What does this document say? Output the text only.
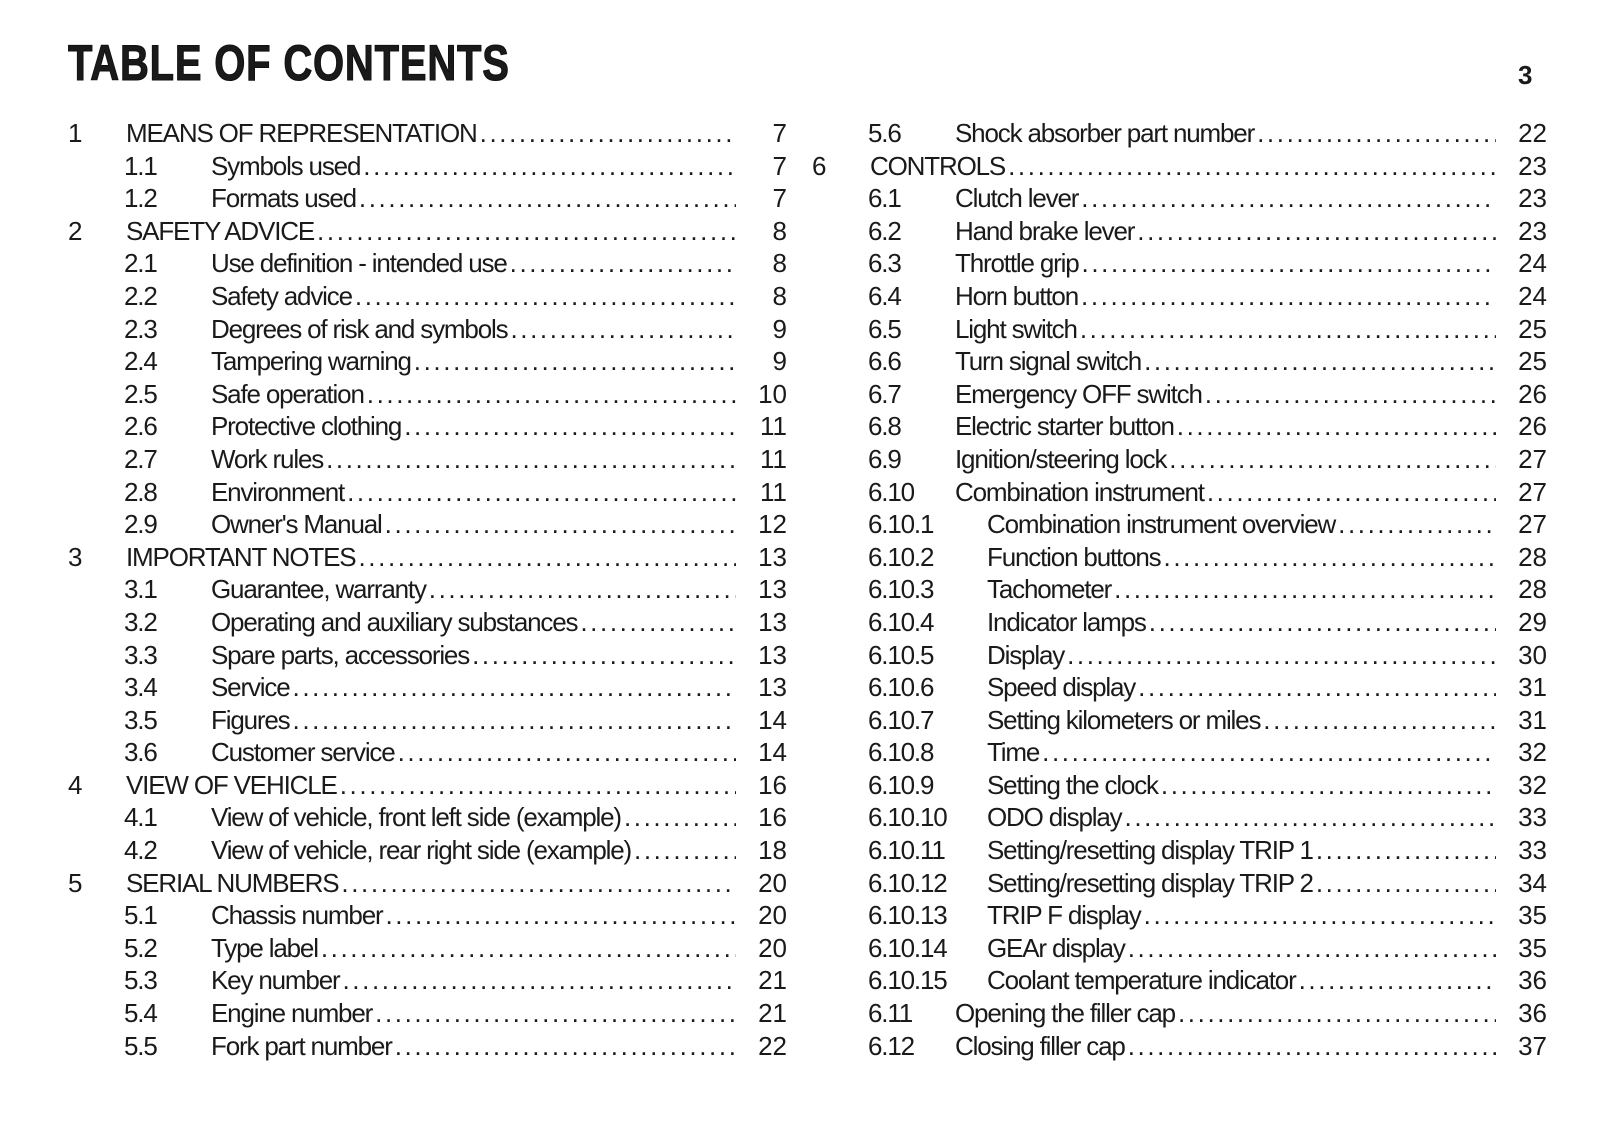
TABLE OF CONTENTS	3
1	MEANS OF REPRESENTATION .....	7
1.1	Symbols used .....	7
1.2	Formats used .....	7
2	SAFETY ADVICE .....	8
2.1	Use definition - intended use .....	8
2.2	Safety advice .....	8
2.3	Degrees of risk and symbols .....	9
2.4	Tampering warning .....	9
2.5	Safe operation .....	10
2.6	Protective clothing .....	11
2.7	Work rules .....	11
2.8	Environment .....	11
2.9	Owner's Manual .....	12
3	IMPORTANT NOTES .....	13
3.1	Guarantee, warranty .....	13
3.2	Operating and auxiliary substances .....	13
3.3	Spare parts, accessories .....	13
3.4	Service .....	13
3.5	Figures .....	14
3.6	Customer service .....	14
4	VIEW OF VEHICLE .....	16
4.1	View of vehicle, front left side (example) .....	16
4.2	View of vehicle, rear right side (example) .....	18
5	SERIAL NUMBERS .....	20
5.1	Chassis number .....	20
5.2	Type label .....	20
5.3	Key number .....	21
5.4	Engine number .....	21
5.5	Fork part number .....	22
5.6	Shock absorber part number .....	22
6	CONTROLS .....	23
6.1	Clutch lever .....	23
6.2	Hand brake lever .....	23
6.3	Throttle grip .....	24
6.4	Horn button .....	24
6.5	Light switch .....	25
6.6	Turn signal switch .....	25
6.7	Emergency OFF switch .....	26
6.8	Electric starter button .....	26
6.9	Ignition/steering lock .....	27
6.10	Combination instrument .....	27
6.10.1	Combination instrument overview .....	27
6.10.2	Function buttons .....	28
6.10.3	Tachometer .....	28
6.10.4	Indicator lamps .....	29
6.10.5	Display .....	30
6.10.6	Speed display .....	31
6.10.7	Setting kilometers or miles .....	31
6.10.8	Time .....	32
6.10.9	Setting the clock .....	32
6.10.10	ODO display .....	33
6.10.11	Setting/resetting display TRIP 1 .....	33
6.10.12	Setting/resetting display TRIP 2 .....	34
6.10.13	TRIP F display .....	35
6.10.14	GEAr display .....	35
6.10.15	Coolant temperature indicator .....	36
6.11	Opening the filler cap .....	36
6.12	Closing filler cap .....	37
